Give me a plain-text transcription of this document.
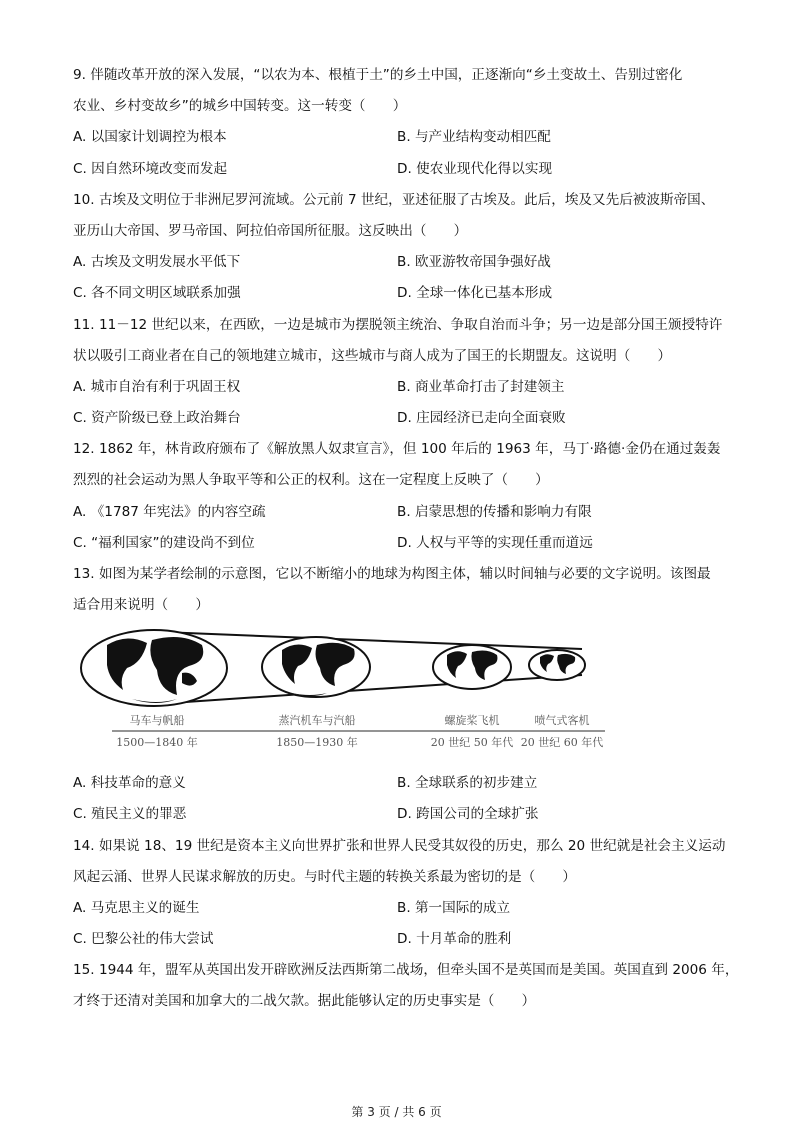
9. 伴随改革开放的深入发展，“以农为本、根植于土”的乡土中国，正逐渐向“乡土变故土、告别过密化
农业、乡村变故乡”的城乡中国转变。这一转变（　　）
A. 以国家计划调控为根本	B. 与产业结构变动相匹配
C. 因自然环境改变而发起	D. 使农业现代化得以实现
10. 古埃及文明位于非洲尼罗河流域。公元前 7 世纪，亚述征服了古埃及。此后，埃及又先后被波斯帝国、
亚历山大帝国、罗马帝国、阿拉伯帝国所征服。这反映出（　　）
A. 古埃及文明发展水平低下	B. 欧亚游牧帝国争强好战
C. 各不同文明区域联系加强	D. 全球一体化已基本形成
11. 11－12 世纪以来，在西欧，一边是城市为摆脱领主统治、争取自治而斗争；另一边是部分国王颁授特许
状以吸引工商业者在自己的领地建立城市，这些城市与商人成为了国王的长期盟友。这说明（　　）
A. 城市自治有利于巩固王权	B. 商业革命打击了封建领主
C. 资产阶级已登上政治舞台	D. 庄园经济已走向全面衰败
12. 1862 年，林肯政府颁布了《解放黑人奴隶宣言》，但 100 年后的 1963 年，马丁·路德·金仍在通过轰轰
烈烈的社会运动为黑人争取平等和公正的权利。这在一定程度上反映了（　　）
A. 《1787 年宪法》的内容空疏	B. 启蒙思想的传播和影响力有限
C. “福利国家”的建设尚不到位	D. 人权与平等的实现任重而道远
13. 如图为某学者绘制的示意图，它以不断缩小的地球为构图主体，辅以时间轴与必要的文字说明。该图最
适合用来说明（　　）
马车与帆船	蒸汽机车与汽船	螺旋桨飞机	喷气式客机
1500—1840 年	1850—1930 年	20 世纪 50 年代 20 世纪 60 年代
A. 科技革命的意义	B. 全球联系的初步建立
C. 殖民主义的罪恶	D. 跨国公司的全球扩张
14. 如果说 18、19 世纪是资本主义向世界扩张和世界人民受其奴役的历史，那么 20 世纪就是社会主义运动
风起云涌、世界人民谋求解放的历史。与时代主题的转换关系最为密切的是（　　）
A. 马克思主义的诞生	B. 第一国际的成立
C. 巴黎公社的伟大尝试	D. 十月革命的胜利
15. 1944 年，盟军从英国出发开辟欧洲反法西斯第二战场，但牵头国不是英国而是美国。英国直到 2006 年，
才终于还清对美国和加拿大的二战欠款。据此能够认定的历史事实是（　　）
第 3 页 / 共 6 页
